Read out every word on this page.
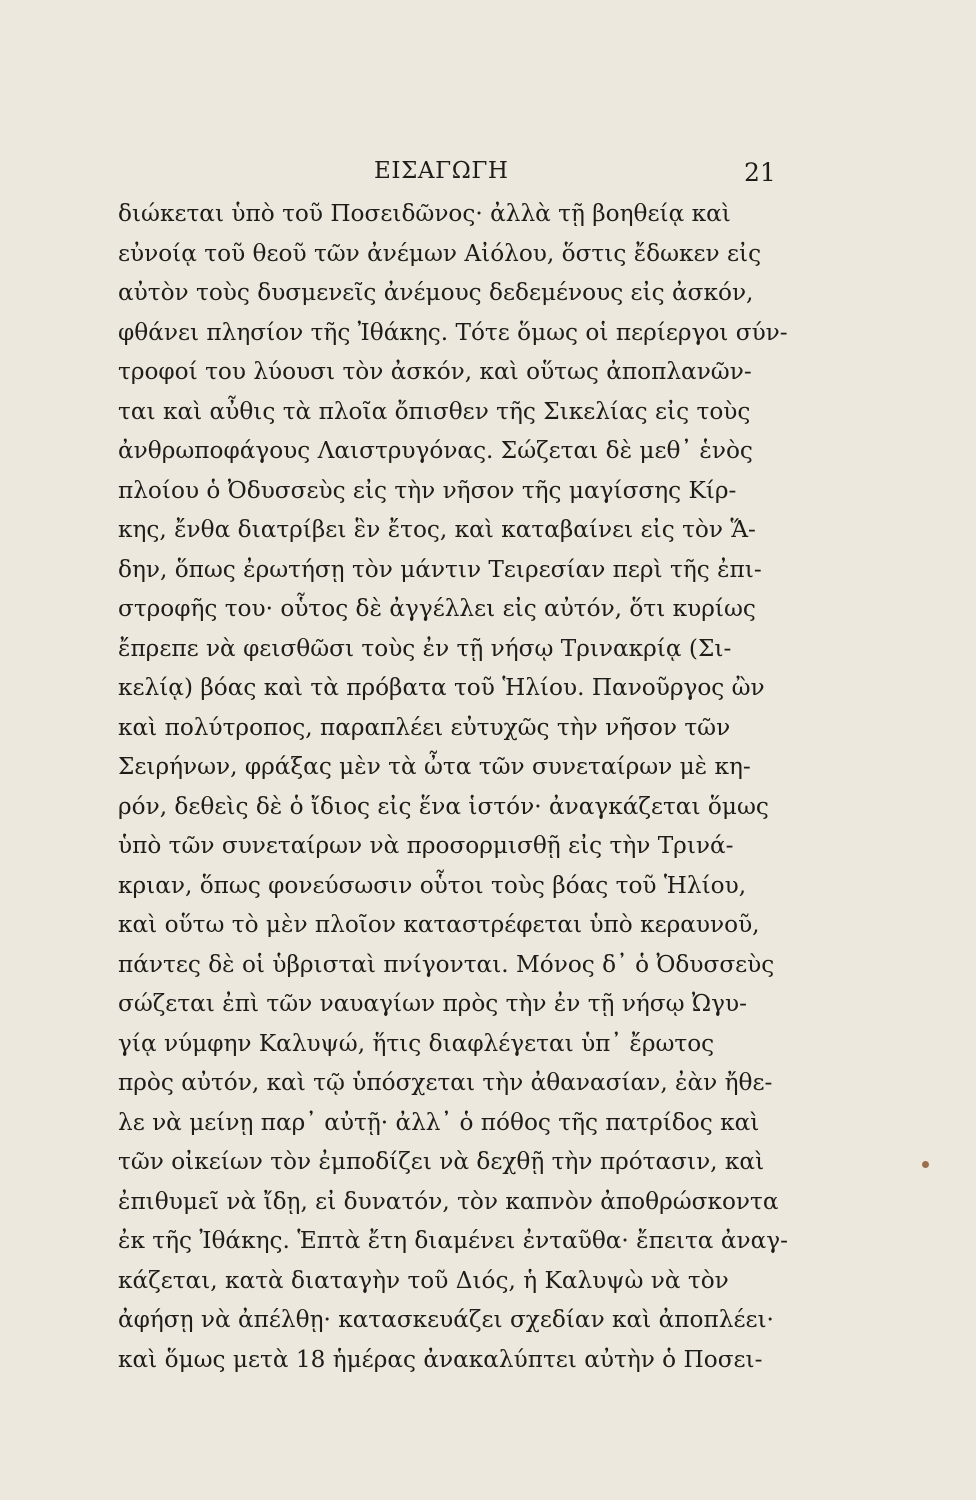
ΕΙΣΑΓΩΓΗ	21
διώκεται ὑπὸ τοῦ Ποσειδῶνος· ἀλλὰ τῇ βοηθείᾳ καὶ
εὐνοίᾳ τοῦ θεοῦ τῶν ἀνέμων Αἰόλου, ὅστις ἔδωκεν εἰς
αὐτὸν τοὺς δυσμενεῖς ἀνέμους δεδεμένους εἰς ἀσκόν,
φθάνει πλησίον τῆς Ἰθάκης. Τότε ὅμως οἱ περίεργοι σύν-
τροφοί του λύουσι τὸν ἀσκόν, καὶ οὕτως ἀποπλανῶν-
ται καὶ αὖθις τὰ πλοῖα ὄπισθεν τῆς Σικελίας εἰς τοὺς
ἀνθρωποφάγους Λαιστρυγόνας. Σώζεται δὲ μεθ᾽ ἑνὸς
πλοίου ὁ Ὀδυσσεὺς εἰς τὴν νῆσον τῆς μαγίσσης Κίρ-
κης, ἔνθα διατρίβει ἓν ἔτος, καὶ καταβαίνει εἰς τὸν Ἅ-
δην, ὅπως ἐρωτήσῃ τὸν μάντιν Τειρεσίαν περὶ τῆς ἐπι-
στροφῆς του· οὗτος δὲ ἀγγέλλει εἰς αὐτόν, ὅτι κυρίως
ἔπρεπε νὰ φεισθῶσι τοὺς ἐν τῇ νήσῳ Τρινακρίᾳ (Σι-
κελίᾳ) βόας καὶ τὰ πρόβατα τοῦ Ἡλίου. Πανοῦργος ὢν
καὶ πολύτροπος, παραπλέει εὐτυχῶς τὴν νῆσον τῶν
Σειρήνων, φράξας μὲν τὰ ὦτα τῶν συνεταίρων μὲ κη-
ρόν, δεθεὶς δὲ ὁ ἴδιος εἰς ἕνα ἱστόν· ἀναγκάζεται ὅμως
ὑπὸ τῶν συνεταίρων νὰ προσορμισθῇ εἰς τὴν Τρινά-
κριαν, ὅπως φονεύσωσιν οὗτοι τοὺς βόας τοῦ Ἡλίου,
καὶ οὕτω τὸ μὲν πλοῖον καταστρέφεται ὑπὸ κεραυνοῦ,
πάντες δὲ οἱ ὑβρισταὶ πνίγονται. Μόνος δ᾽ ὁ Ὀδυσσεὺς
σώζεται ἐπὶ τῶν ναυαγίων πρὸς τὴν ἐν τῇ νήσῳ Ὠγυ-
γίᾳ νύμφην Καλυψώ, ἥτις διαφλέγεται ὑπ᾽ ἔρωτος
πρὸς αὐτόν, καὶ τῷ ὑπόσχεται τὴν ἀθανασίαν, ἐὰν ἤθε-
λε νὰ μείνῃ παρ᾽ αὐτῇ· ἀλλ᾽ ὁ πόθος τῆς πατρίδος καὶ
τῶν οἰκείων τὸν ἐμποδίζει νὰ δεχθῇ τὴν πρότασιν, καὶ
ἐπιθυμεῖ νὰ ἴδῃ, εἰ δυνατόν, τὸν καπνὸν ἀποθρώσκοντα
ἐκ τῆς Ἰθάκης. Ἑπτὰ ἔτη διαμένει ἐνταῦθα· ἔπειτα ἀναγ-
κάζεται, κατὰ διαταγὴν τοῦ Διός, ἡ Καλυψὼ νὰ τὸν
ἀφήσῃ νὰ ἀπέλθῃ· κατασκευάζει σχεδίαν καὶ ἀποπλέει·
καὶ ὅμως μετὰ 18 ἡμέρας ἀνακαλύπτει αὐτὴν ὁ Ποσει-
